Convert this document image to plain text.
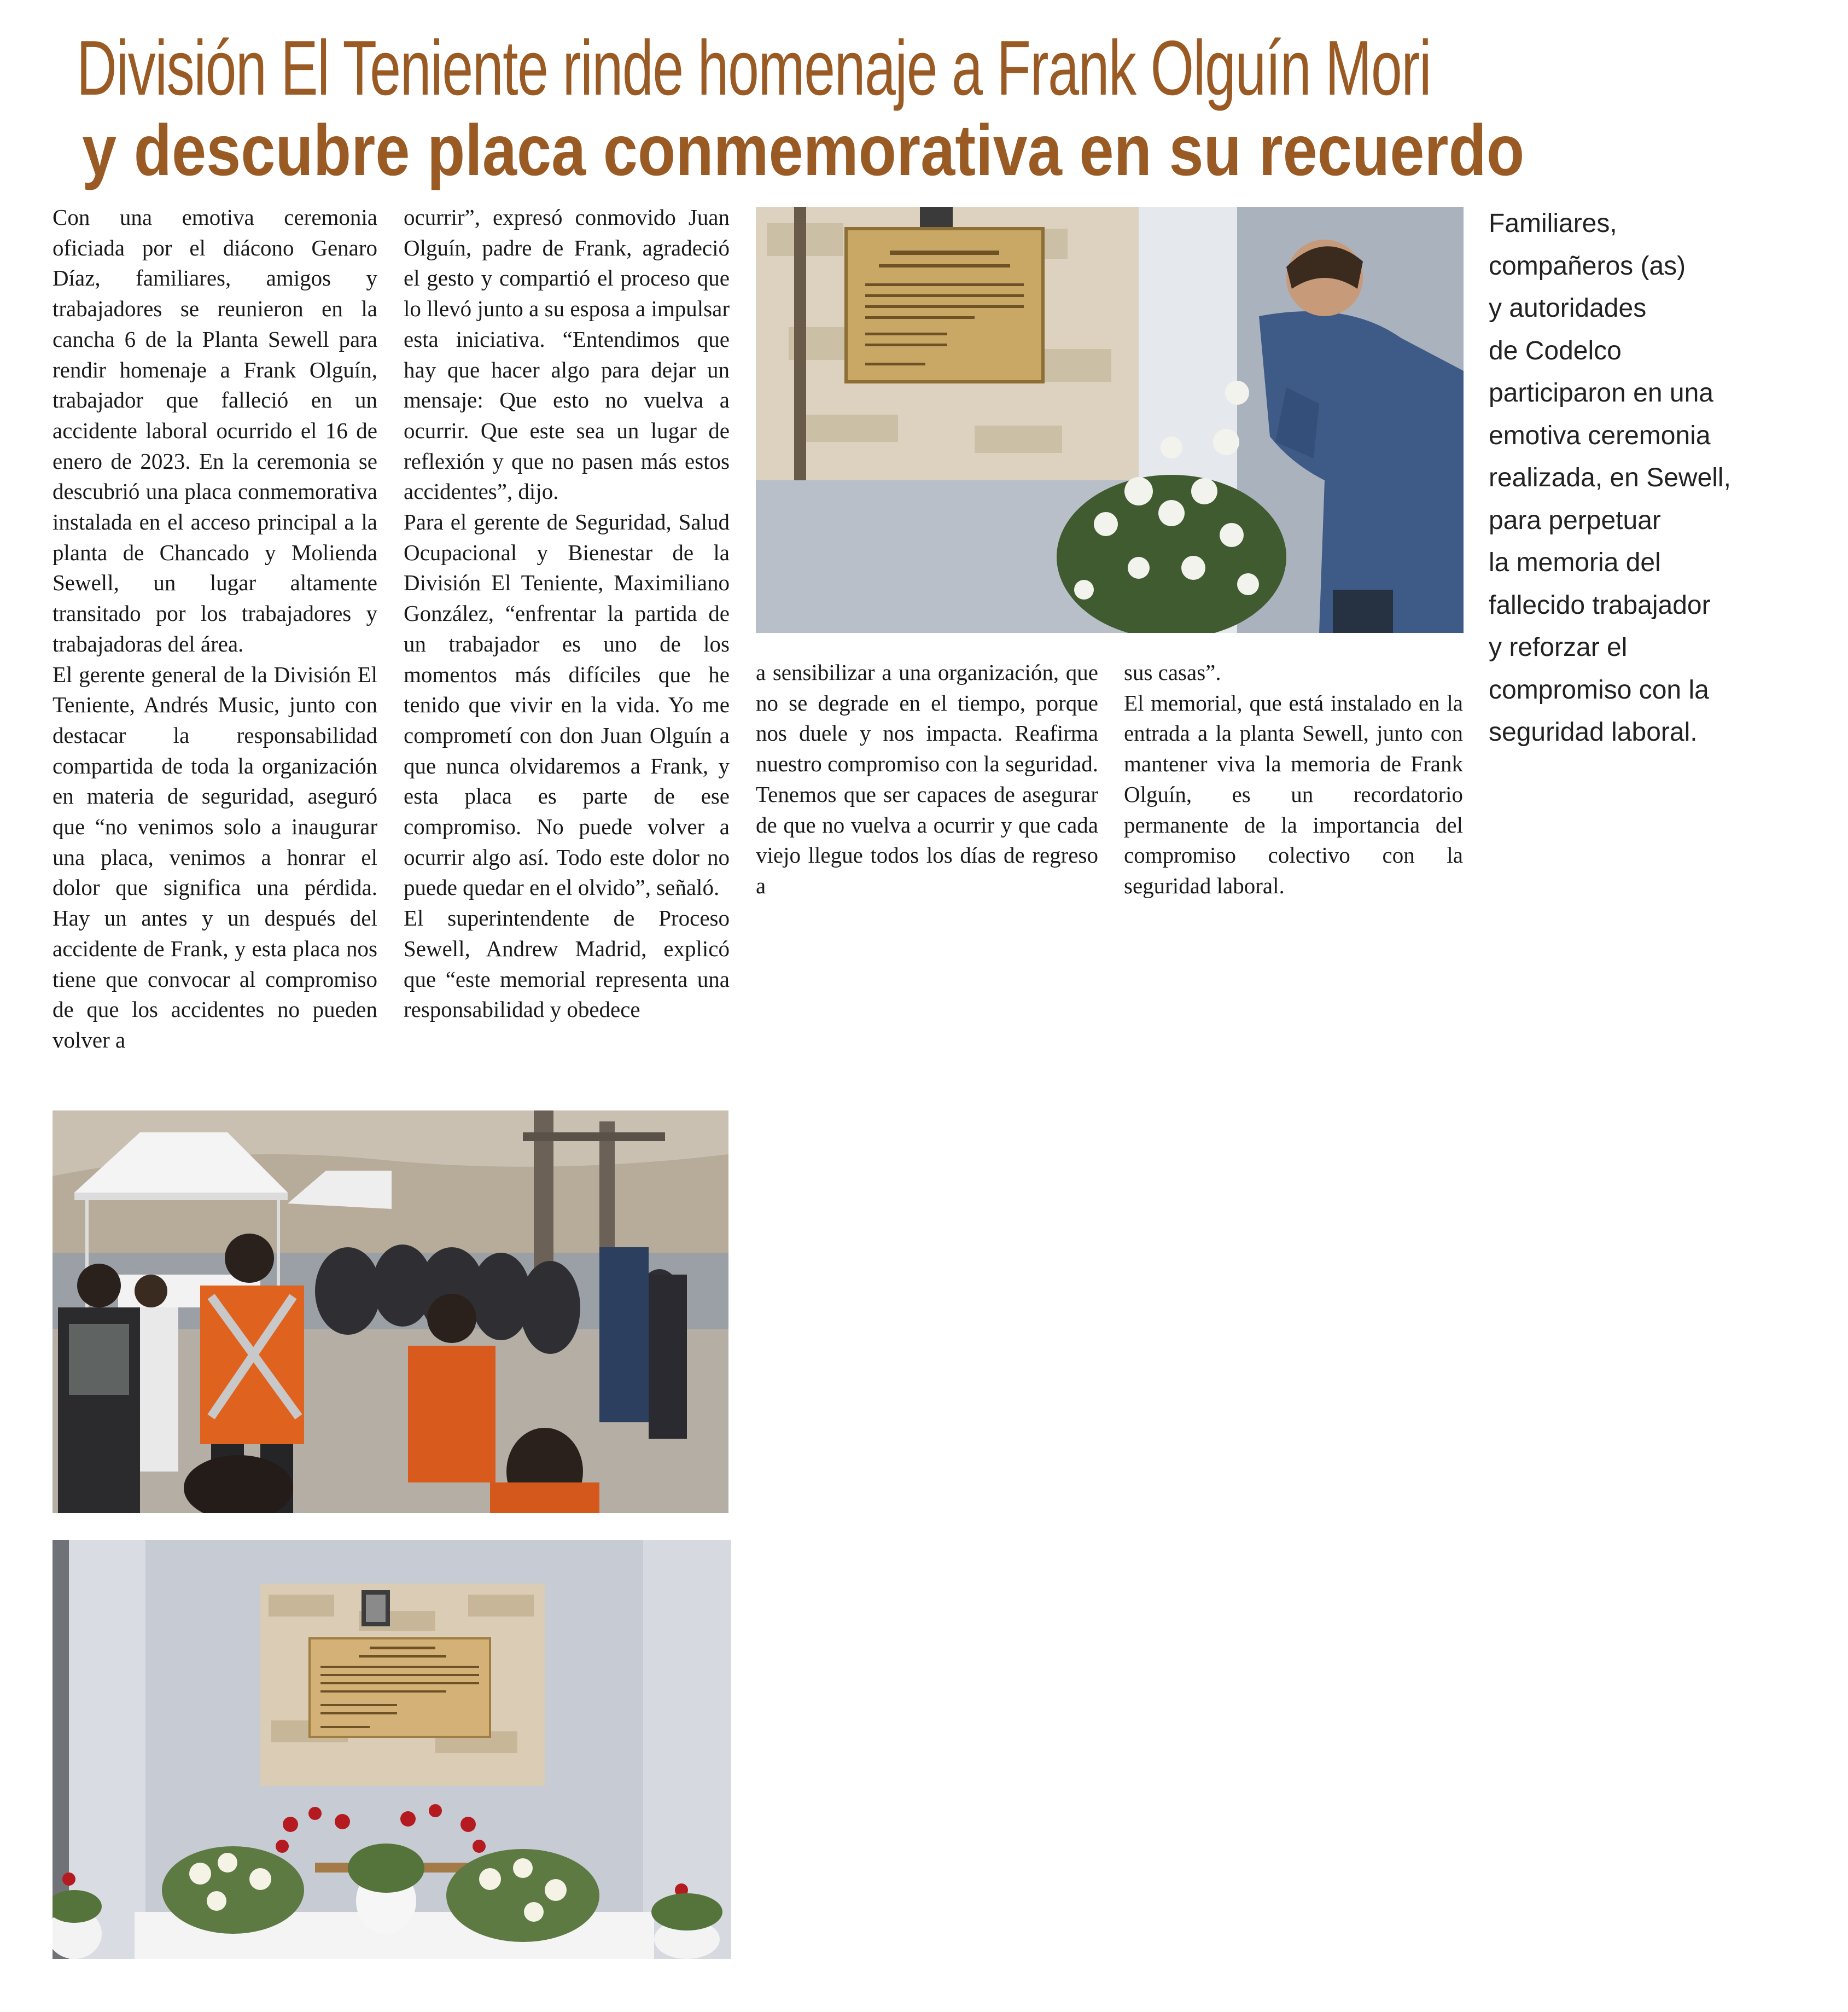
División El Teniente rinde homenaje a Frank Olguín Mori
y descubre placa conmemorativa en su recuerdo

Con una emotiva ceremonia oficiada por el diácono Genaro Díaz, familiares, amigos y trabajadores se reunieron en la cancha 6 de la Planta Sewell para rendir homenaje a Frank Olguín, trabajador que falleció en un accidente laboral ocurrido el 16 de enero de 2023. En la ceremonia se descubrió una placa conmemorativa instalada en el acceso principal a la planta de Chancado y Molienda Sewell, un lugar altamente transitado por los trabajadores y trabajadoras del área.

El gerente general de la División El Teniente, Andrés Music, junto con destacar la responsabilidad compartida de toda la organización en materia de seguridad, aseguró que “no venimos solo a inaugurar una placa, venimos a honrar el dolor que significa una pérdida. Hay un antes y un después del accidente de Frank, y esta placa nos tiene que convocar al compromiso de que los accidentes no pueden volver a

ocurrir”, expresó conmovido Juan Olguín, padre de Frank, agradeció el gesto y compartió el proceso que lo llevó junto a su esposa a impulsar esta iniciativa. “Entendimos que hay que hacer algo para dejar un mensaje: Que esto no vuelva a ocurrir. Que este sea un lugar de reflexión y que no pasen más estos accidentes”, dijo.

Para el gerente de Seguridad, Salud Ocupacional y Bienestar de la División El Teniente, Maximiliano González, “enfrentar la partida de un trabajador es uno de los momentos más difíciles que he tenido que vivir en la vida. Yo me comprometí con don Juan Olguín a que nunca olvidaremos a Frank, y esta placa es parte de ese compromiso. No puede volver a ocurrir algo así. Todo este dolor no puede quedar en el olvido”, señaló.

El superintendente de Proceso Sewell, Andrew Madrid, explicó que “este memorial representa una responsabilidad y obedece

a sensibilizar a una organización, que no se degrade en el tiempo, porque nos duele y nos impacta. Reafirma nuestro compromiso con la seguridad. Tenemos que ser capaces de asegurar de que no vuelva a ocurrir y que cada viejo llegue todos los días de regreso a

sus casas”.

El memorial, que está instalado en la entrada a la planta Sewell, junto con mantener viva la memoria de Frank Olguín, es un recordatorio permanente de la importancia del compromiso colectivo con la seguridad laboral.

Familiares,
compañeros (as)
y autoridades
de Codelco
participaron en una
emotiva ceremonia
realizada, en Sewell,
para perpetuar
la memoria del
fallecido trabajador
y reforzar el
compromiso con la
seguridad laboral.
